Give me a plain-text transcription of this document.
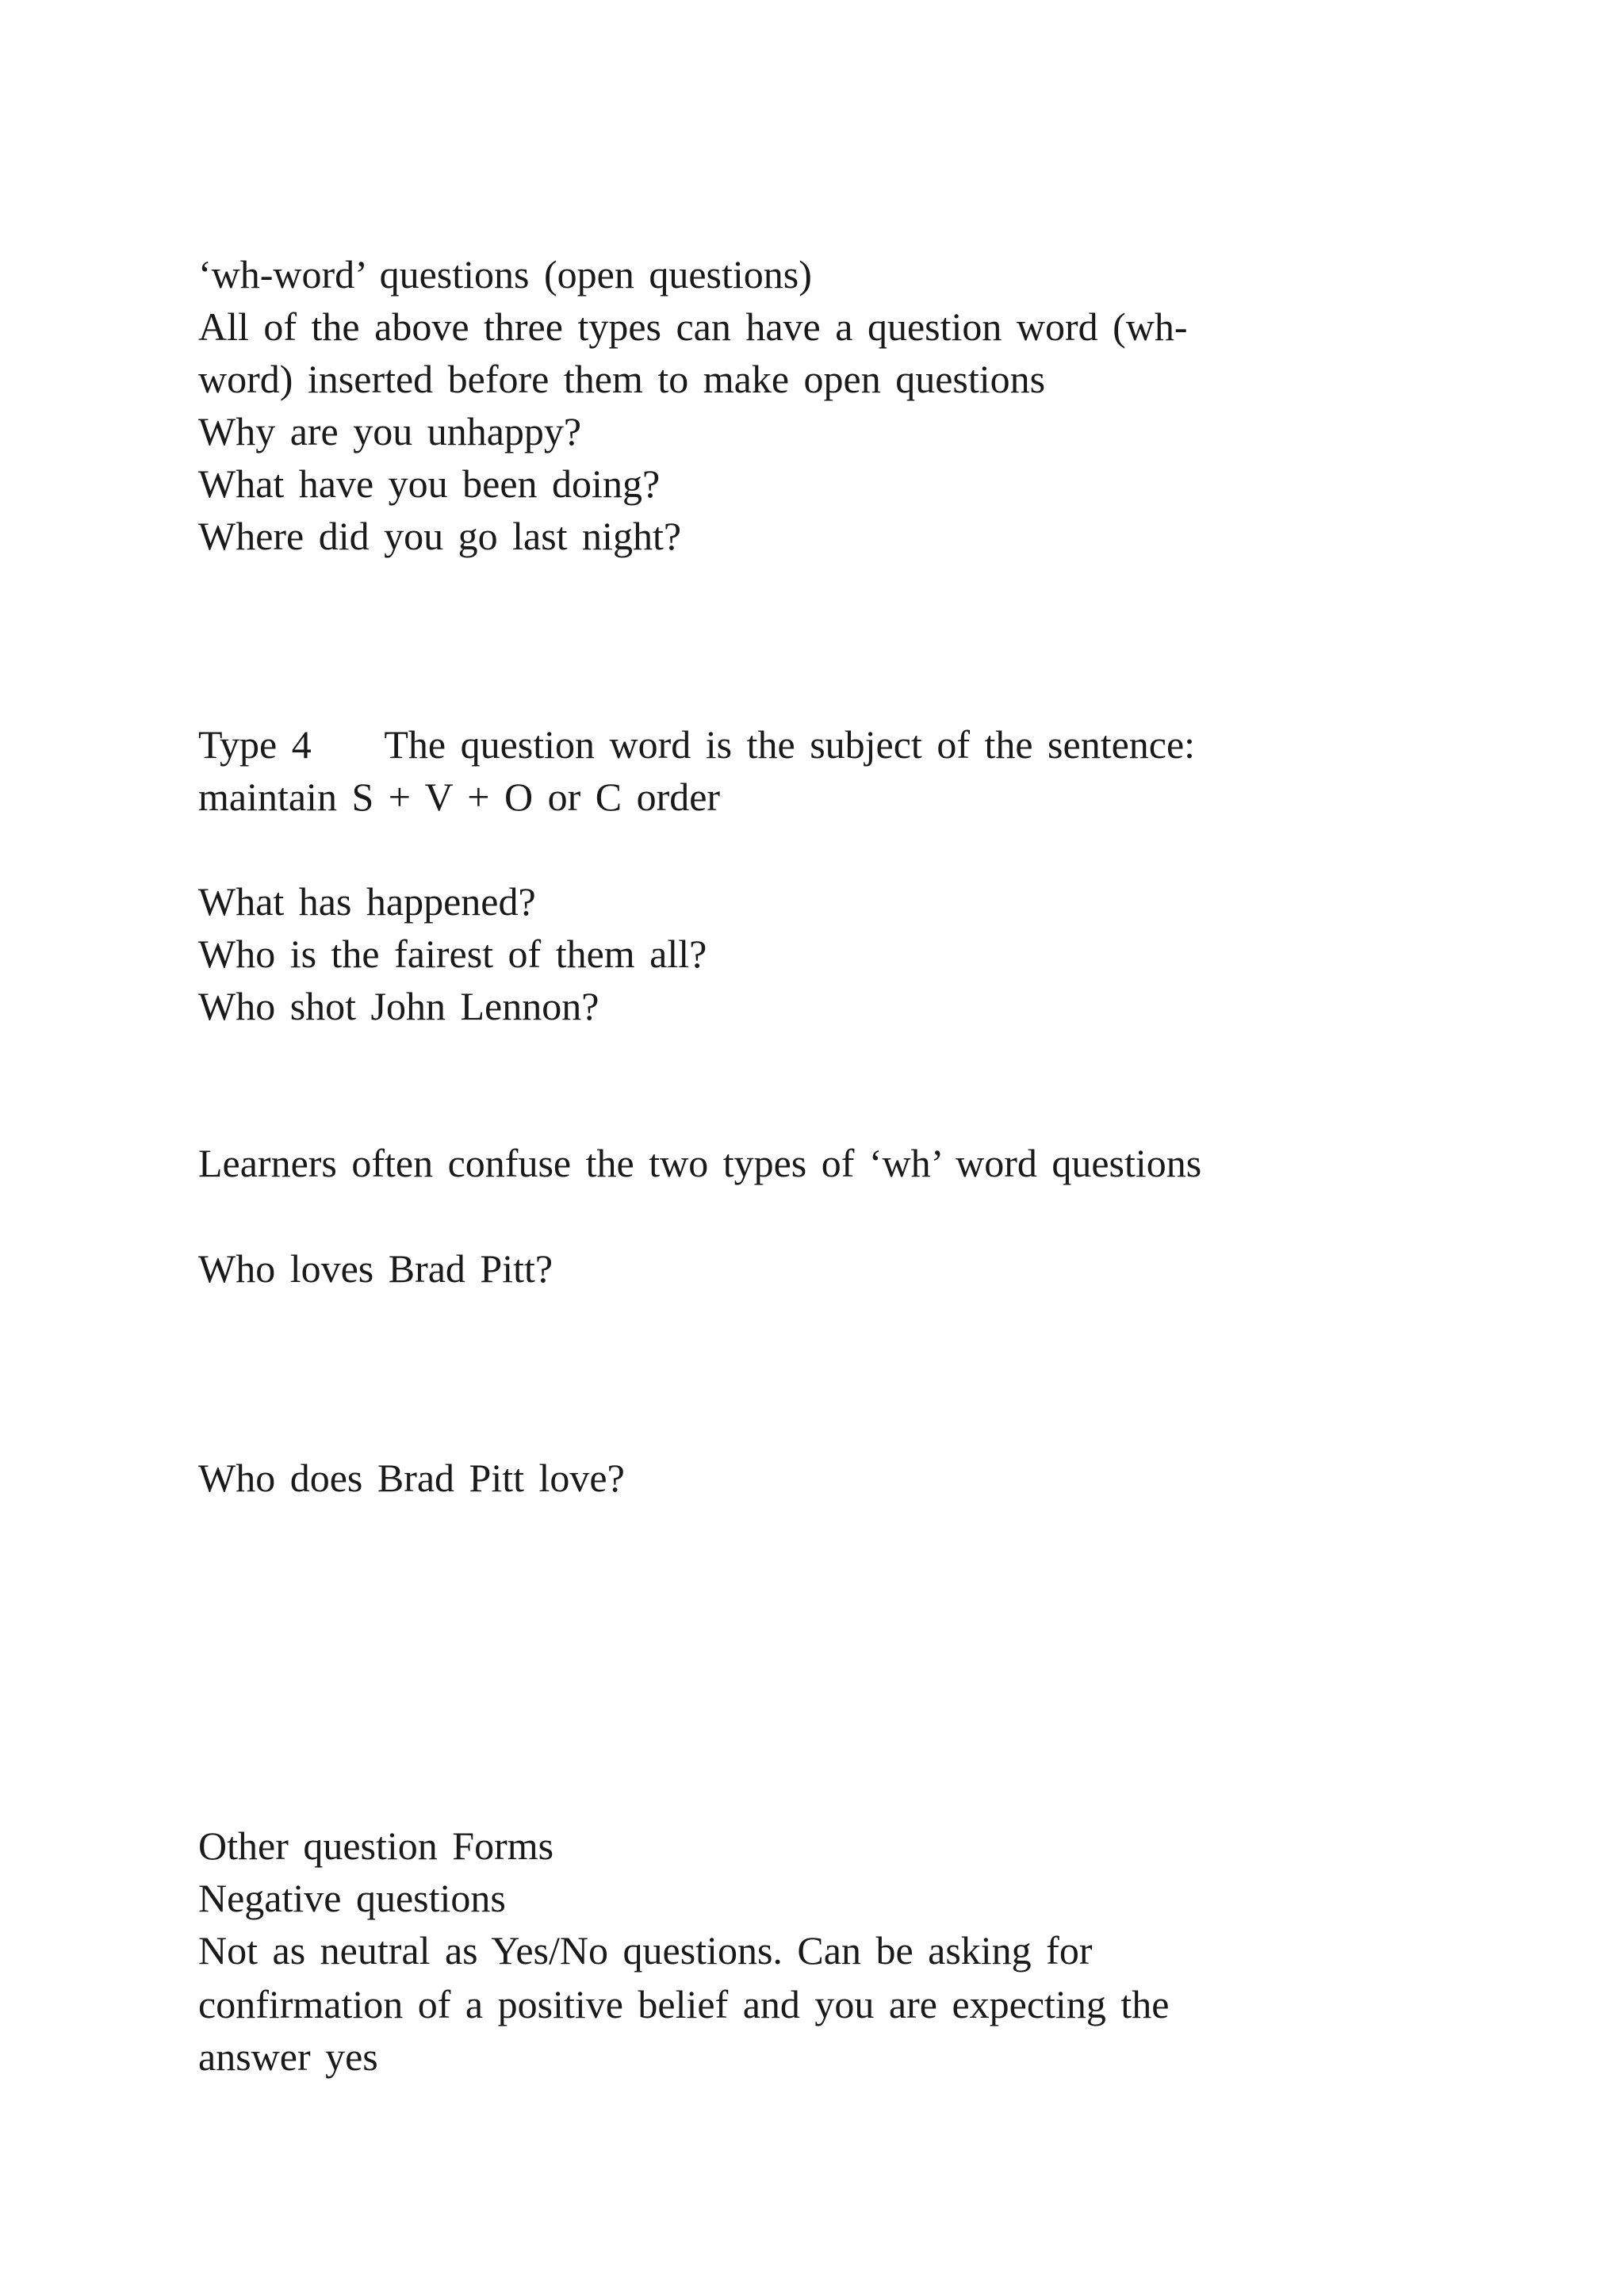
‘wh-word’ questions (open questions)

All of the above three types can have a question word (wh-

word) inserted before them to make open questions

Why are you unhappy?

What have you been doing?

Where did you go last night?

Type 4     The question word is the subject of the sentence:

maintain S + V + O or C order

What has happened?

Who is the fairest of them all?

Who shot John Lennon?

Learners often confuse the two types of ‘wh’ word questions

Who loves Brad Pitt?

Who does Brad Pitt love?

Other question Forms

Negative questions

Not as neutral as Yes/No questions. Can be asking for

confirmation of a positive belief and you are expecting the

answer yes
